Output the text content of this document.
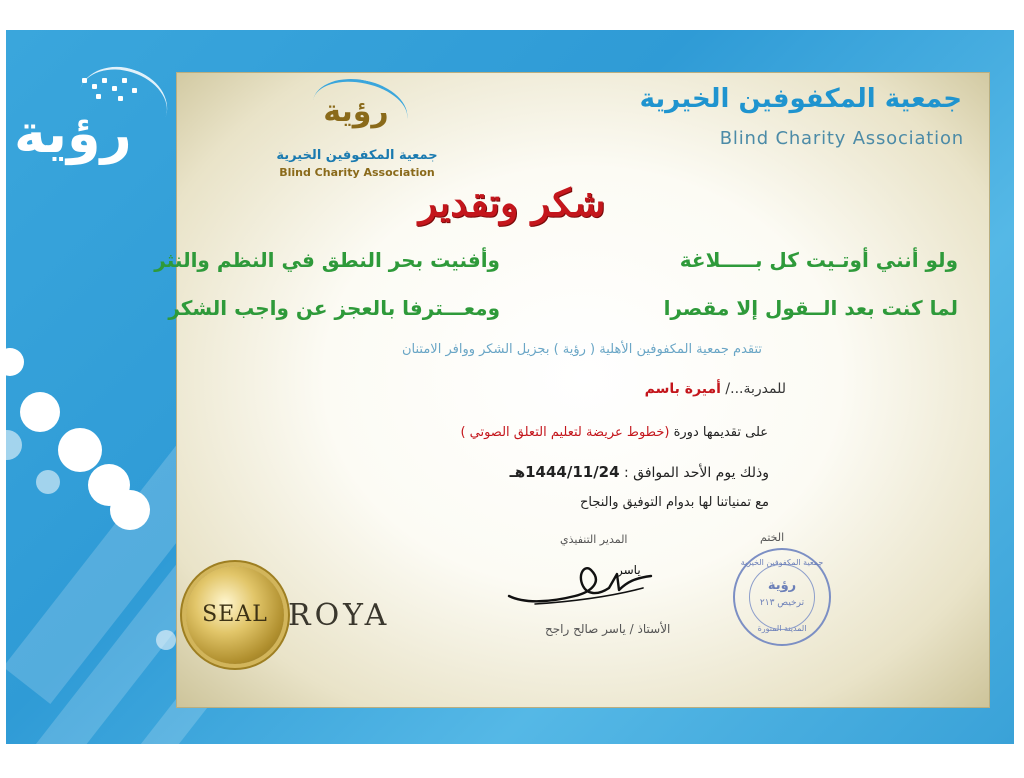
رؤية
جمعية المكفوفين الخيرية
Blind Charity Association
رؤية
جمعية المكفوفين الخيرية
Blind Charity Association
شكر وتقدير
ولو أنني أوتـيت كل بـــــلاغة
وأفنيت بحر النطق في النظم والنثر
لما كنت بعد الــقول إلا مقصرا
ومعـــترفا بالعجز عن واجب الشكر
تتقدم جمعية المكفوفين الأهلية ( رؤية ) بجزيل الشكر ووافر الامتنان
للمدربة.../ أميرة باسم
على تقديمها دورة (خطوط عريضة لتعليم التعلق الصوتي )
وذلك يوم الأحد الموافق : 1444/11/24هـ
مع تمنياتنا لها بدوام التوفيق والنجاح
المدير التنفيذي	الختم
ياسر
الأستاذ / ياسر صالح راجح
جمعية المكفوفين الخيرية
رؤية
ترخيص ٢١٣
المدينة المنورة
SEAL ROYA
